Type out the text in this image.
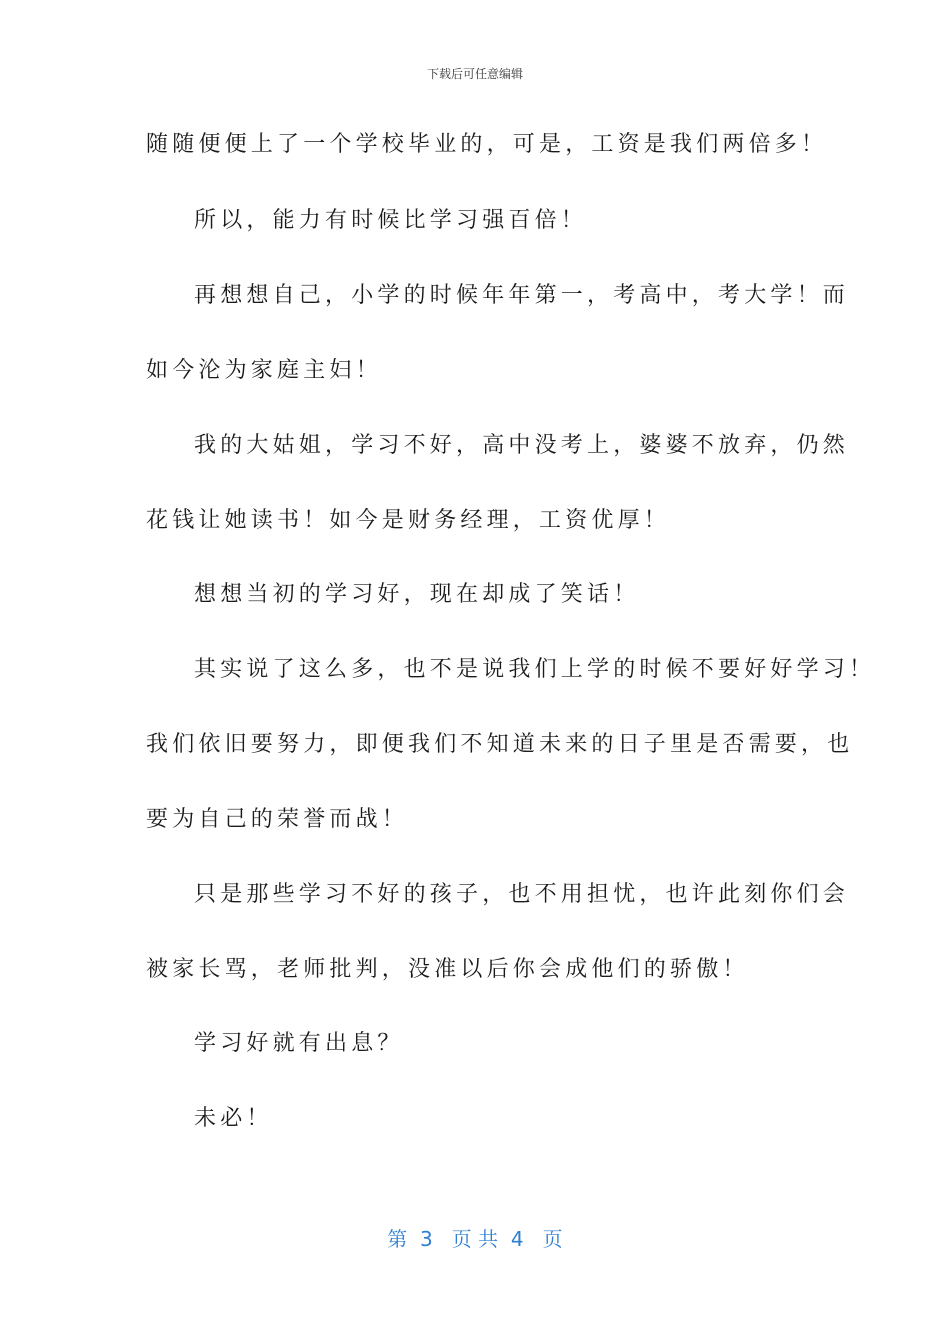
下载后可任意编辑
随随便便上了一个学校毕业的，可是，工资是我们两倍多！
所以，能力有时候比学习强百倍！
再想想自己，小学的时候年年第一，考高中，考大学！而
如今沦为家庭主妇！
我的大姑姐，学习不好，高中没考上，婆婆不放弃，仍然
花钱让她读书！如今是财务经理，工资优厚！
想想当初的学习好，现在却成了笑话！
其实说了这么多，也不是说我们上学的时候不要好好学习！
我们依旧要努力，即便我们不知道未来的日子里是否需要，也
要为自己的荣誉而战！
只是那些学习不好的孩子，也不用担忧，也许此刻你们会
被家长骂，老师批判，没准以后你会成他们的骄傲！
学习好就有出息？
未必！
第  3   页 共  4   页
